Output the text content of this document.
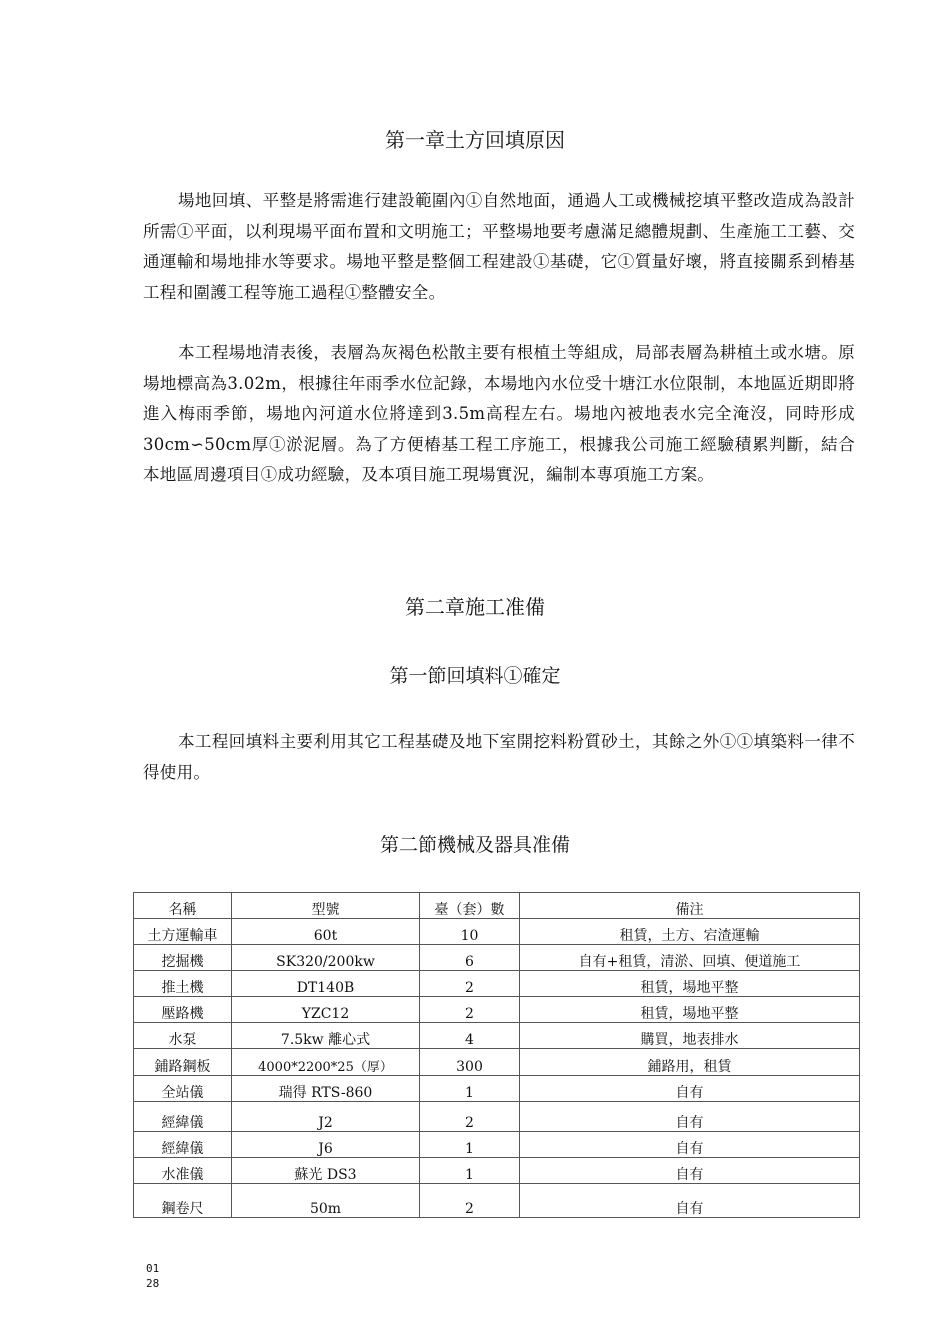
第一章土方回填原因
場地回填、平整是將需進行建設範圍內①自然地面，通過人工或機械挖填平整改造成為設計所需①平面，以利現場平面布置和文明施工；平整場地要考慮滿足總體規劃、生產施工工藝、交通運輸和場地排水等要求。場地平整是整個工程建設①基礎，它①質量好壞，將直接關系到樁基工程和圍護工程等施工過程①整體安全。
本工程場地清表後，表層為灰褐色松散主要有根植土等組成，局部表層為耕植土或水塘。原場地標高為3.02m，根據往年雨季水位記錄，本場地內水位受十塘江水位限制，本地區近期即將進入梅雨季節，場地內河道水位將達到3.5m高程左右。場地內被地表水完全淹沒，同時形成30cm∽50cm厚①淤泥層。為了方便樁基工程工序施工，根據我公司施工經驗積累判斷，結合本地區周邊項目①成功經驗，及本項目施工現場實況，編制本專項施工方案。
第二章施工准備
第一節回填料①確定
本工程回填料主要利用其它工程基礎及地下室開挖料粉質砂土，其餘之外①①填築料一律不得使用。
第二節機械及器具准備
名稱	型號	臺（套）數	備注
土方運輸車	60t	10	租賃，土方、宕渣運輸
挖掘機	SK320/200kw	6	自有+租賃，清淤、回填、便道施工
推土機	DT140B	2	租賃，場地平整
壓路機	YZC12	2	租賃，場地平整
水泵	7.5kw 離心式	4	購買，地表排水
鋪路鋼板	4000*2200*25（厚）	300	鋪路用，租賃
全站儀	瑞得 RTS-860	1	自有
經緯儀	J2	2	自有
經緯儀	J6	1	自有
水准儀	蘇光 DS3	1	自有
鋼卷尺	50m	2	自有
01
28
